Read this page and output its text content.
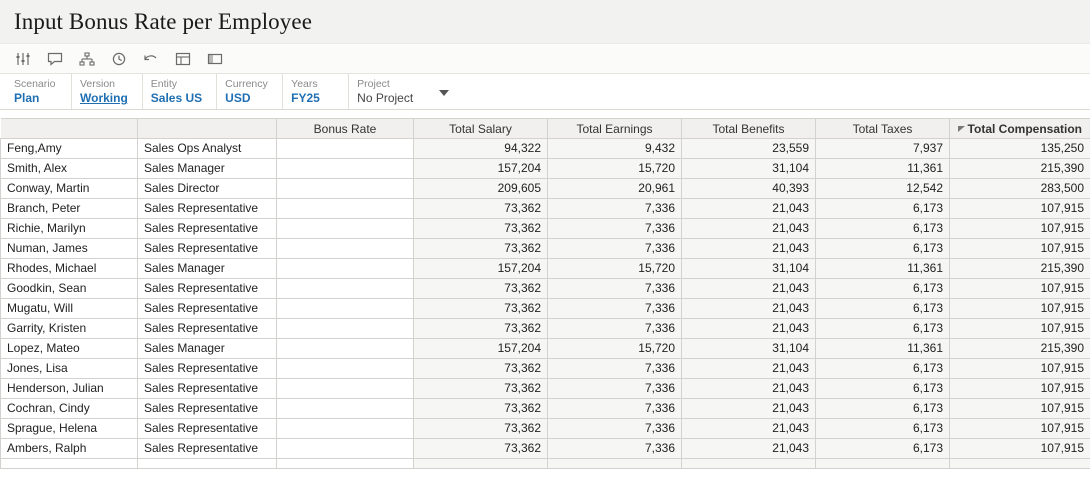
Input Bonus Rate per Employee
Scenario
Plan
Version
Working
Entity
Sales US
Currency
USD
Years
FY25
Project
No Project
		Bonus Rate	Total Salary	Total Earnings	Total Benefits	Total Taxes	Total Compensation
Feng,Amy	Sales Ops Analyst		94,322	9,432	23,559	7,937	135,250
Smith, Alex	Sales Manager		157,204	15,720	31,104	11,361	215,390
Conway, Martin	Sales Director		209,605	20,961	40,393	12,542	283,500
Branch, Peter	Sales Representative		73,362	7,336	21,043	6,173	107,915
Richie, Marilyn	Sales Representative		73,362	7,336	21,043	6,173	107,915
Numan, James	Sales Representative		73,362	7,336	21,043	6,173	107,915
Rhodes, Michael	Sales Manager		157,204	15,720	31,104	11,361	215,390
Goodkin, Sean	Sales Representative		73,362	7,336	21,043	6,173	107,915
Mugatu, Will	Sales Representative		73,362	7,336	21,043	6,173	107,915
Garrity, Kristen	Sales Representative		73,362	7,336	21,043	6,173	107,915
Lopez, Mateo	Sales Manager		157,204	15,720	31,104	11,361	215,390
Jones, Lisa	Sales Representative		73,362	7,336	21,043	6,173	107,915
Henderson, Julian	Sales Representative		73,362	7,336	21,043	6,173	107,915
Cochran, Cindy	Sales Representative		73,362	7,336	21,043	6,173	107,915
Sprague, Helena	Sales Representative		73,362	7,336	21,043	6,173	107,915
Ambers, Ralph	Sales Representative		73,362	7,336	21,043	6,173	107,915
